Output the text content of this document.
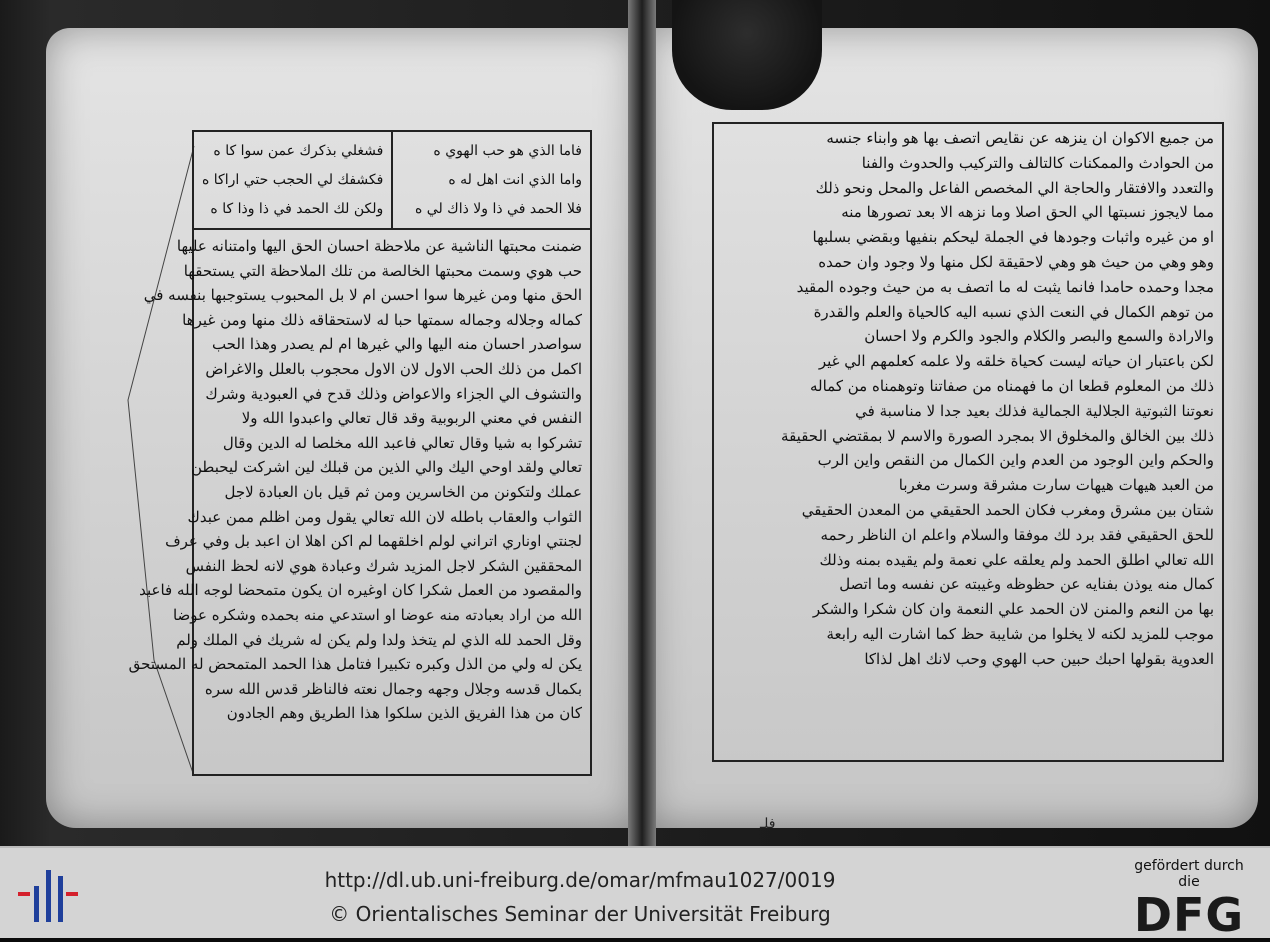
فاما الذي هو حب الهوي ه
واما الذي انت اهل له ه
فلا الحمد في ذا ولا ذاك لي ه
فشغلي بذكرك عمن سوا كا ه
فكشفك لي الحجب حتي اراكا ه
ولكن لك الحمد في ذا وذا كا ه
ضمنت محبتها الناشية عن ملاحظة احسان الحق اليها وامتنانه عليها
حب هوي وسمت محبتها الخالصة من تلك الملاحظة التي يستحقها
الحق منها ومن غيرها سوا احسن ام لا بل المحبوب يستوجبها بنفسه في
كماله وجلاله وجماله سمتها حبا له لاستحقاقه ذلك منها ومن غيرها
سواصدر احسان منه اليها والي غيرها ام لم يصدر وهذا الحب
اكمل من ذلك الحب الاول لان الاول محجوب بالعلل والاغراض
والتشوف الي الجزاء والاعواض وذلك قدح في العبودية وشرك
النفس في معني الربوبية وقد قال تعالي واعبدوا الله ولا
تشركوا به شيا وقال تعالي فاعبد الله مخلصا له الدين وقال
تعالي ولقد اوحي اليك والي الذين من قبلك لين اشركت ليحبطن
عملك ولتكونن من الخاسرين ومن ثم قيل بان العبادة لاجل
الثواب والعقاب باطله لان الله تعالي يقول ومن اظلم ممن عبدك
لجنتي اوناري اتراني لولم اخلقهما لم اكن اهلا ان اعبد بل وفي عرف
المحققين الشكر لاجل المزيد شرك وعبادة هوي لانه لحظ النفس
والمقصود من العمل شكرا كان اوغيره ان يكون متمحضا لوجه الله فاعبد
الله من اراد بعبادته منه عوضا او استدعي منه بحمده وشكره عوضا
وقل الحمد لله الذي لم يتخذ ولدا ولم يكن له شريك في الملك ولم
يكن له ولي من الذل وكبره تكبيرا فتامل هذا الحمد المتمحض له المستحق
بكمال قدسه وجلال وجهه وجمال نعته فالناظر قدس الله سره
كان من هذا الفريق الذين سلكوا هذا الطريق وهم الجادون
من جميع الاكوان ان ينزهه عن نقايص اتصف بها هو وابناء جنسه
من الحوادث والممكنات كالتالف والتركيب والحدوث والفنا
والتعدد والافتقار والحاجة الي المخصص الفاعل والمحل ونحو ذلك
مما لايجوز نسبتها الي الحق اصلا وما نزهه الا بعد تصورها منه
او من غيره واثبات وجودها في الجملة ليحكم بنفيها وبقضي بسلبها
وهو وهي من حيث هو وهي لاحقيقة لكل منها ولا وجود وان حمده
مجدا وحمده حامدا فانما يثبت له ما اتصف به من حيث وجوده المقيد
من توهم الكمال في النعت الذي نسبه اليه كالحياة والعلم والقدرة
والارادة والسمع والبصر والكلام والجود والكرم ولا احسان
لكن باعتبار ان حياته ليست كحياة خلقه ولا علمه كعلمهم الي غير
ذلك من المعلوم قطعا ان ما فهمناه من صفاتنا وتوهمناه من كماله
نعوتنا الثبوتية الجلالية الجمالية فذلك بعيد جدا لا مناسبة في
ذلك بين الخالق والمخلوق الا بمجرد الصورة والاسم لا بمقتضي الحقيقة
والحكم واين الوجود من العدم واين الكمال من النقص واين الرب
من العبد هيهات هيهات سارت مشرقة وسرت مغربا
شتان بين مشرق ومغرب فكان الحمد الحقيقي من المعدن الحقيقي
للحق الحقيقي فقد برد لك موفقا والسلام واعلم ان الناظر رحمه
الله تعالي اطلق الحمد ولم يعلقه علي نعمة ولم يقيده بمنه وذلك
كمال منه يوذن بفنايه عن حظوظه وغيبته عن نفسه وما اتصل
بها من النعم والمنن لان الحمد علي النعمة وان كان شكرا والشكر
موجب للمزيد لكنه لا يخلوا من شايبة حظ كما اشارت اليه رابعة
العدوية بقولها احبك حبين حب الهوي وحب لانك اهل لذاكا
فلـ
http://dl.ub.uni-freiburg.de/omar/mfmau1027/0019
© Orientalisches Seminar der Universität Freiburg
gefördert durch die
DFG
